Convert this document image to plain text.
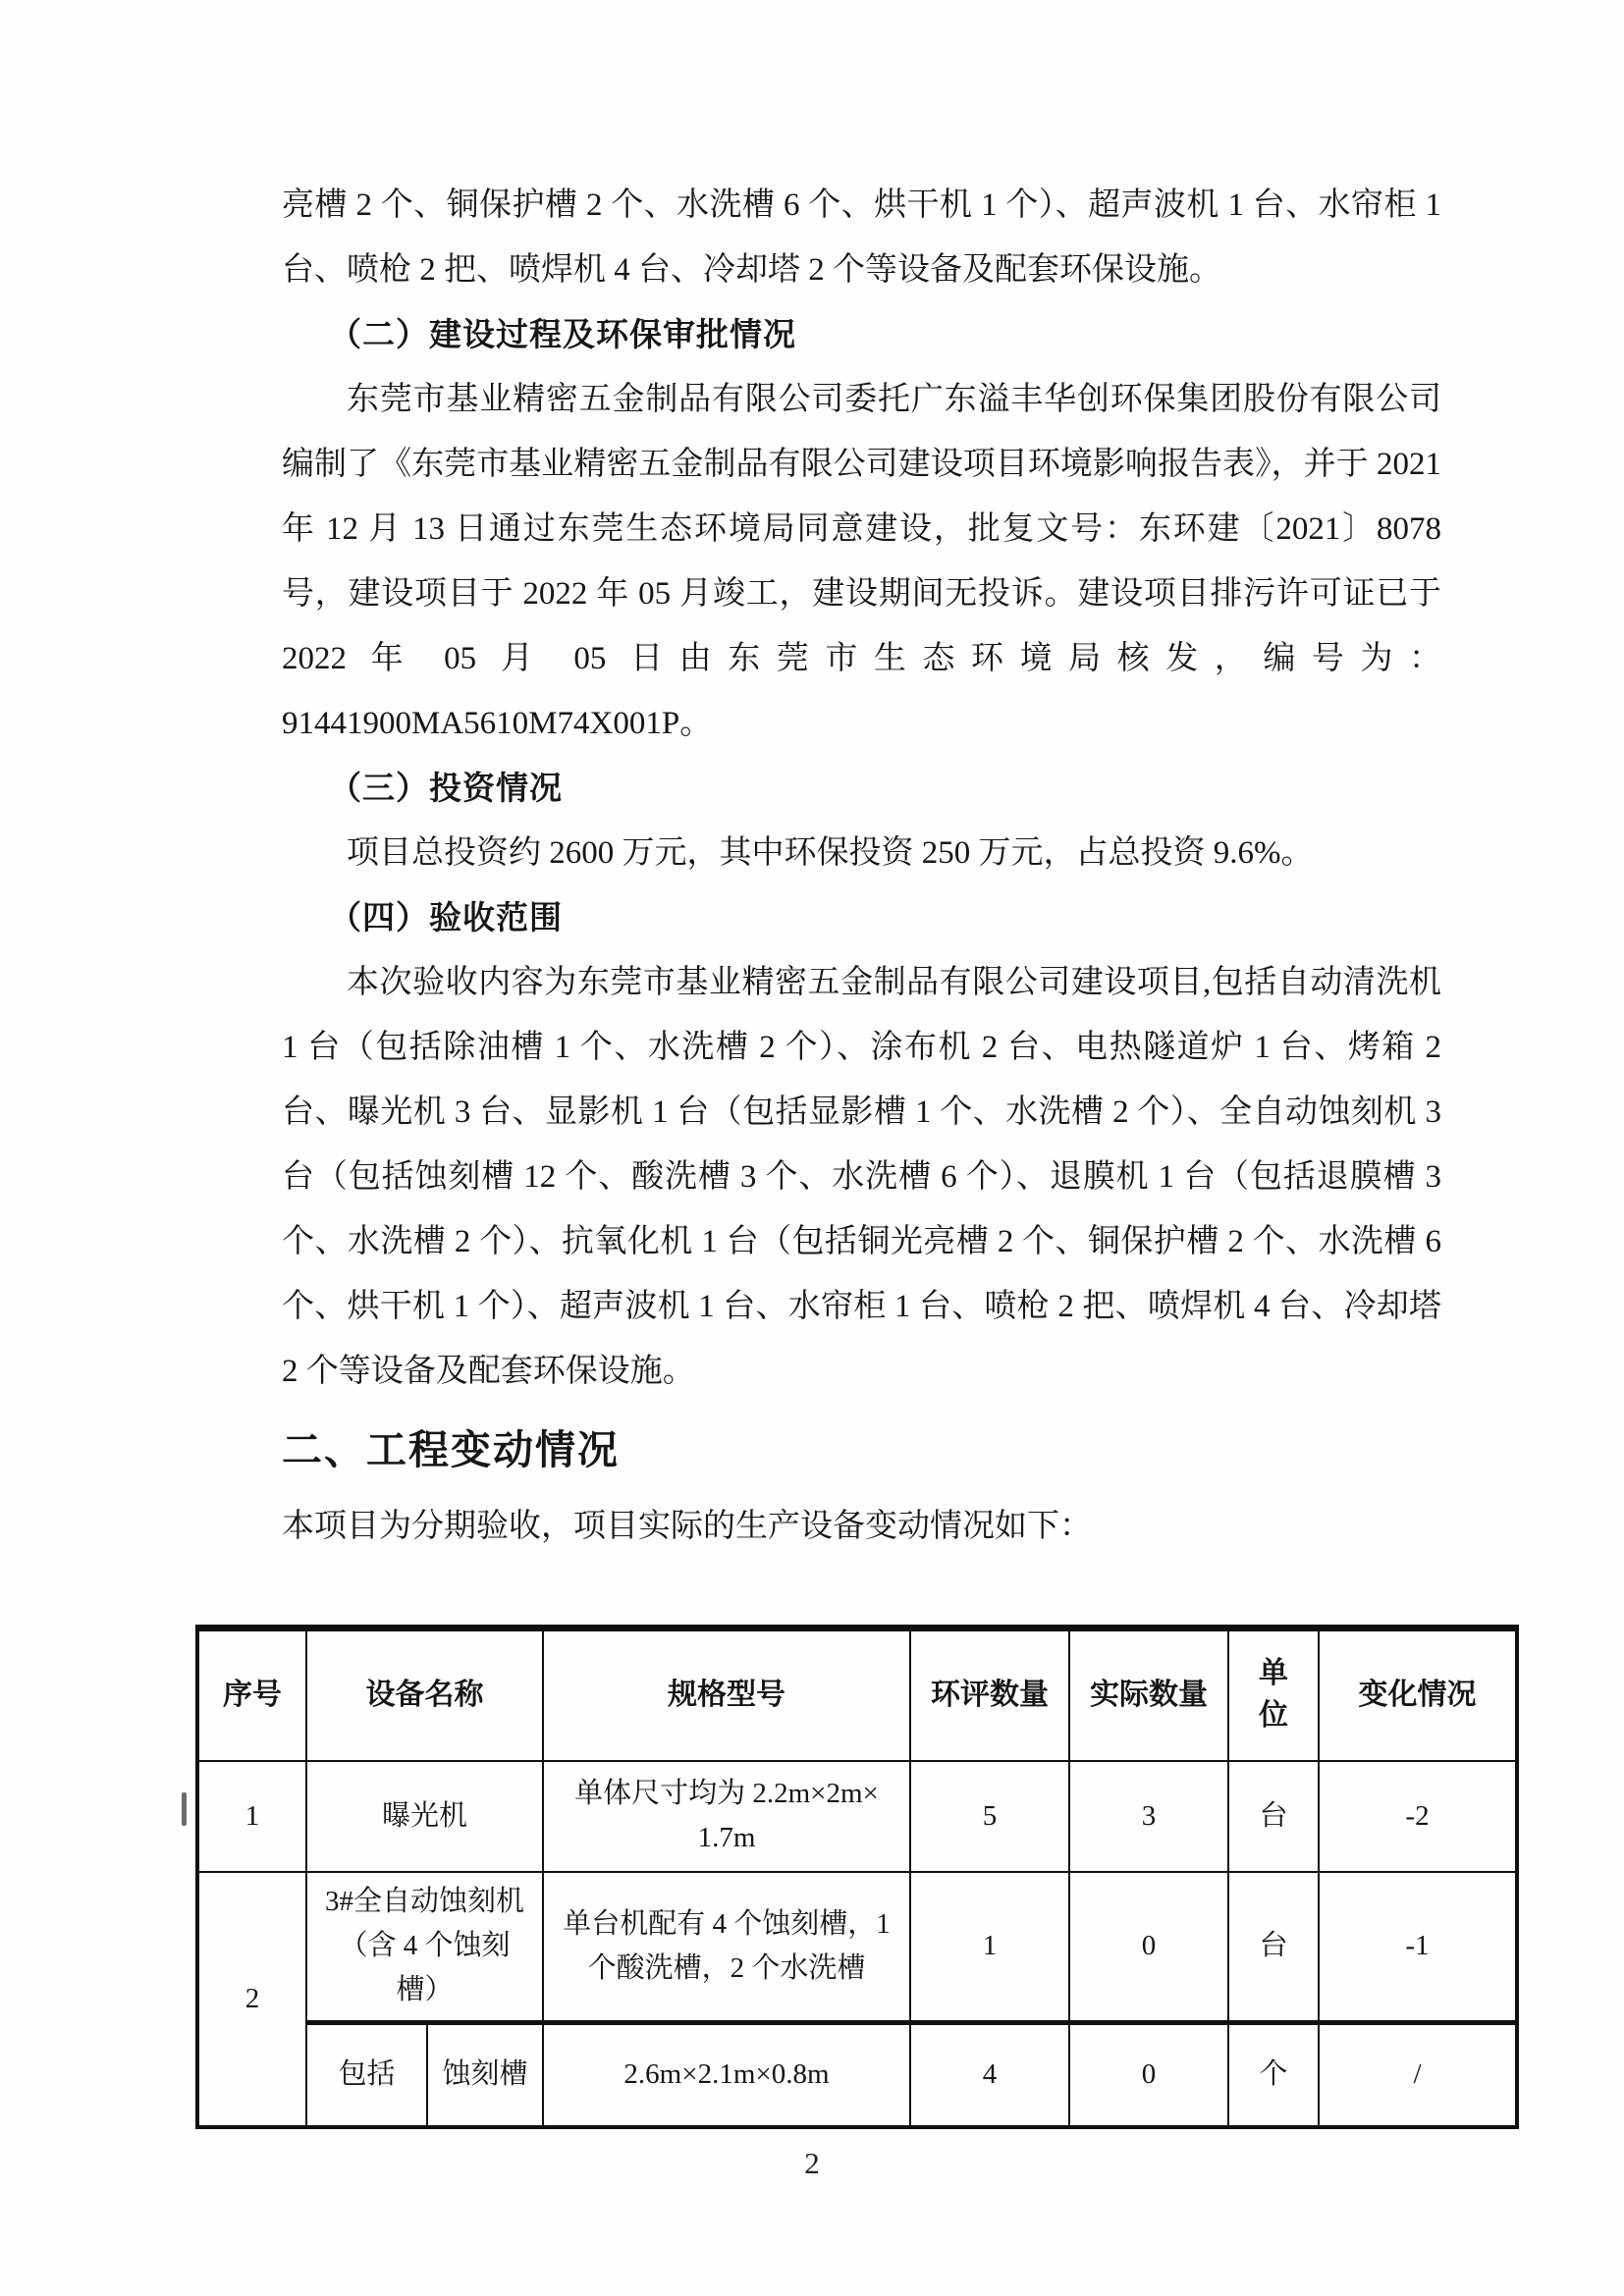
亮槽 2 个、铜保护槽 2 个、水洗槽 6 个、烘干机 1 个）、超声波机 1 台、水帘柜 1 台、喷枪 2 把、喷焊机 4 台、冷却塔 2 个等设备及配套环保设施。

（二）建设过程及环保审批情况

东莞市基业精密五金制品有限公司委托广东溢丰华创环保集团股份有限公司编制了《东莞市基业精密五金制品有限公司建设项目环境影响报告表》，并于 2021 年 12 月 13 日通过东莞生态环境局同意建设，批复文号：东环建〔2021〕8078 号，建设项目于 2022 年 05 月竣工，建设期间无投诉。建设项目排污许可证已于 2022 年 05 月 05 日由东莞市生态环境局核发，编号为：91441900MA5610M74X001P。

（三）投资情况

项目总投资约 2600 万元，其中环保投资 250 万元，占总投资 9.6%。

（四）验收范围

本次验收内容为东莞市基业精密五金制品有限公司建设项目,包括自动清洗机 1 台（包括除油槽 1 个、水洗槽 2 个）、涂布机 2 台、电热隧道炉 1 台、烤箱 2 台、曝光机 3 台、显影机 1 台（包括显影槽 1 个、水洗槽 2 个）、全自动蚀刻机 3 台（包括蚀刻槽 12 个、酸洗槽 3 个、水洗槽 6 个）、退膜机 1 台（包括退膜槽 3 个、水洗槽 2 个）、抗氧化机 1 台（包括铜光亮槽 2 个、铜保护槽 2 个、水洗槽 6 个、烘干机 1 个）、超声波机 1 台、水帘柜 1 台、喷枪 2 把、喷焊机 4 台、冷却塔 2 个等设备及配套环保设施。

二、工程变动情况

本项目为分期验收，项目实际的生产设备变动情况如下：

序号	设备名称		规格型号	环评数量	实际数量	单位	变化情况
1	曝光机		单体尺寸均为 2.2m×2m× 1.7m	5	3	台	-2
2	3#全自动蚀刻机 （含 4 个蚀刻 槽）		单台机配有 4 个蚀刻槽，1 个酸洗槽，2 个水洗槽	1	0	台	-1
	包括	蚀刻槽	2.6m×2.1m×0.8m	4	0	个	/
2
